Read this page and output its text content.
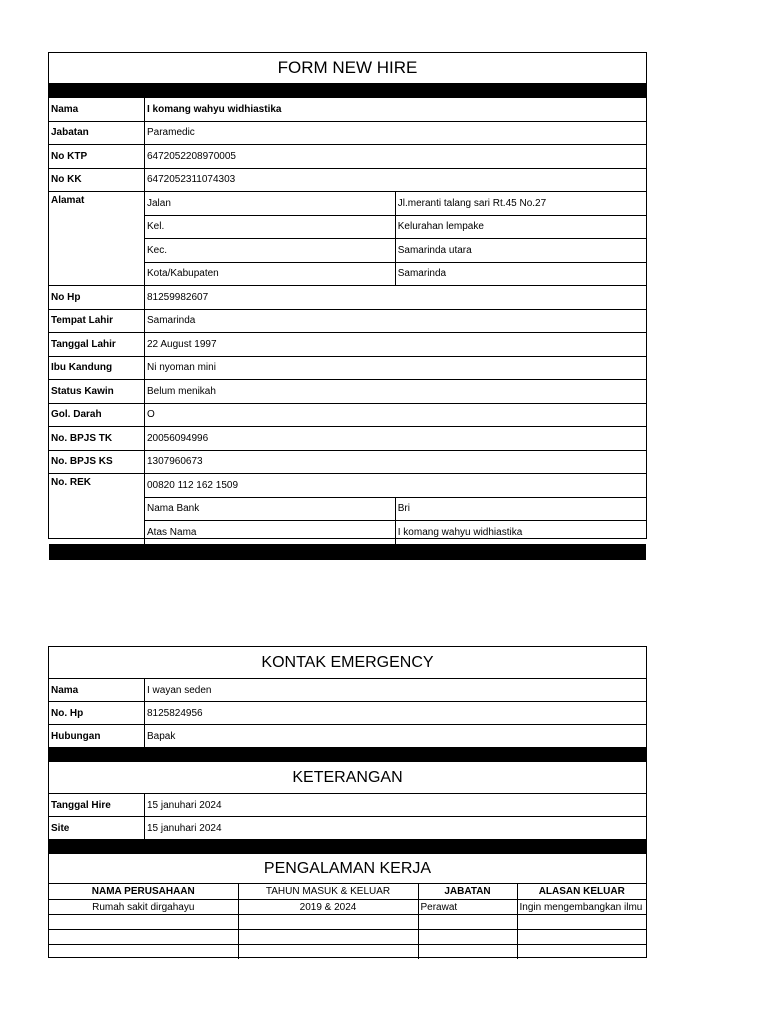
FORM NEW HIRE
Nama	I komang wahyu widhiastika	
Jabatan	Paramedic	
No KTP	6472052208970005	
No KK	6472052311074303	
Alamat	Jalan	Jl.meranti talang sari Rt.45 No.27
	Kel.	Kelurahan lempake
	Kec.	Samarinda utara
	Kota/Kabupaten	Samarinda
No Hp	81259982607	
Tempat Lahir	Samarinda	
Tanggal Lahir	22 August 1997	
Ibu Kandung	Ni nyoman mini	
Status Kawin	Belum menikah	
Gol. Darah	O	
No. BPJS TK	20056094996	
No. BPJS KS	1307960673	
No. REK	00820 112 162 1509	
	Nama Bank	Bri
	Atas Nama	I komang wahyu widhiastika
KONTAK EMERGENCY
Nama	I wayan seden
No. Hp	8125824956
Hubungan	Bapak
KETERANGAN
Tanggal Hire	15 januhari 2024
Site	15 januhari 2024
PENGALAMAN KERJA
NAMA PERUSAHAAN	TAHUN MASUK & KELUAR	JABATAN	ALASAN KELUAR
Rumah sakit dirgahayu	2019 & 2024	Perawat	Ingin mengembangkan ilmu
